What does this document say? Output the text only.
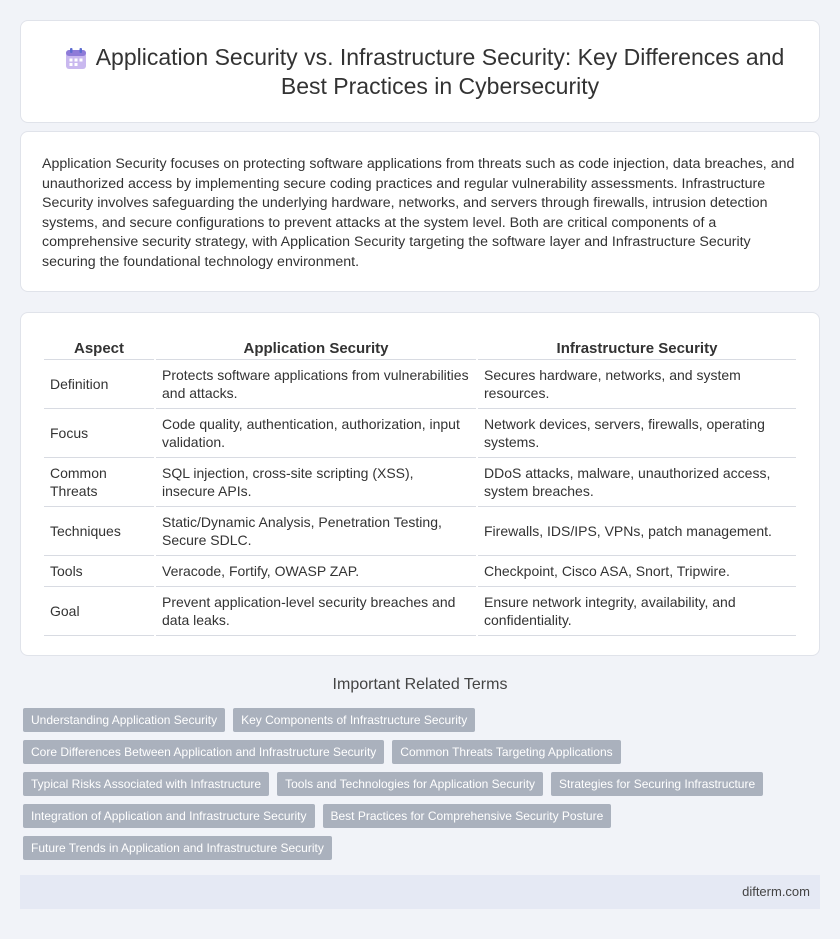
Application Security vs. Infrastructure Security: Key Differences and Best Practices in Cybersecurity

Application Security focuses on protecting software applications from threats such as code injection, data breaches, and unauthorized access by implementing secure coding practices and regular vulnerability assessments. Infrastructure Security involves safeguarding the underlying hardware, networks, and servers through firewalls, intrusion detection systems, and secure configurations to prevent attacks at the system level. Both are critical components of a comprehensive security strategy, with Application Security targeting the software layer and Infrastructure Security securing the foundational technology environment.

Aspect	Application Security	Infrastructure Security
Definition	Protects software applications from vulnerabilities and attacks.	Secures hardware, networks, and system resources.
Focus	Code quality, authentication, authorization, input validation.	Network devices, servers, firewalls, operating systems.
Common Threats	SQL injection, cross-site scripting (XSS), insecure APIs.	DDoS attacks, malware, unauthorized access, system breaches.
Techniques	Static/Dynamic Analysis, Penetration Testing, Secure SDLC.	Firewalls, IDS/IPS, VPNs, patch management.
Tools	Veracode, Fortify, OWASP ZAP.	Checkpoint, Cisco ASA, Snort, Tripwire.
Goal	Prevent application-level security breaches and data leaks.	Ensure network integrity, availability, and confidentiality.
Important Related Terms
Understanding Application Security	Key Components of Infrastructure Security
Core Differences Between Application and Infrastructure Security	Common Threats Targeting Applications
Typical Risks Associated with Infrastructure	Tools and Technologies for Application Security	Strategies for Securing Infrastructure
Integration of Application and Infrastructure Security	Best Practices for Comprehensive Security Posture
Future Trends in Application and Infrastructure Security
difterm.com
